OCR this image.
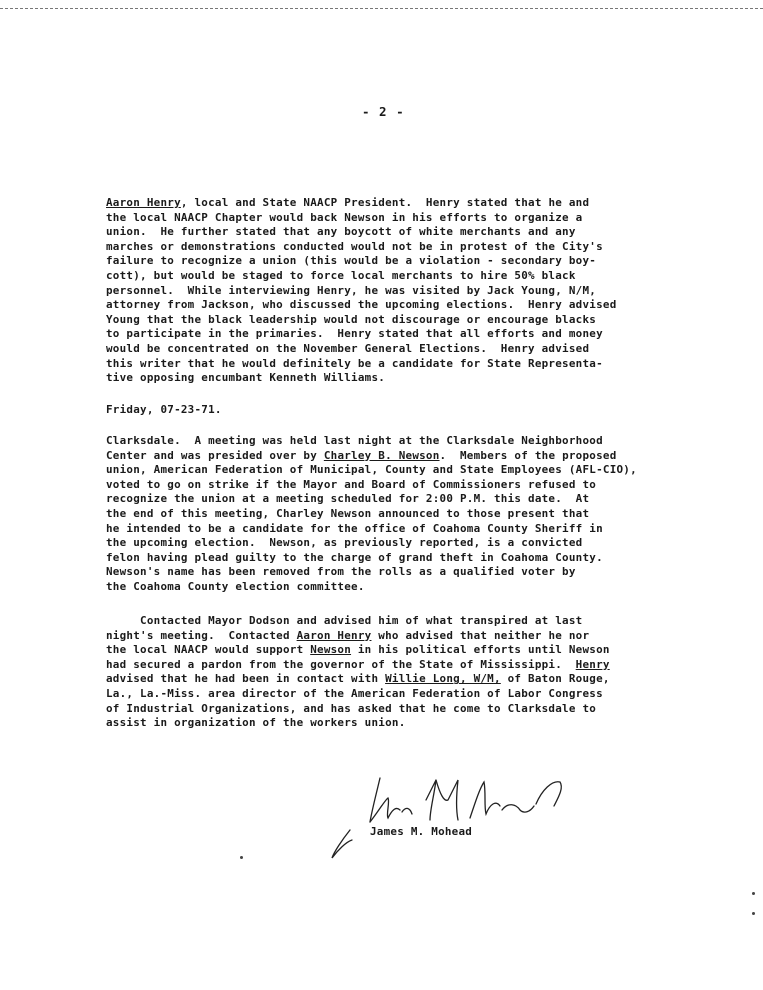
- 2 -

Aaron Henry, local and State NAACP President.  Henry stated that he and

the local NAACP Chapter would back Newson in his efforts to organize a

union.  He further stated that any boycott of white merchants and any

marches or demonstrations conducted would not be in protest of the City's

failure to recognize a union (this would be a violation - secondary boy-

cott), but would be staged to force local merchants to hire 50% black

personnel.  While interviewing Henry, he was visited by Jack Young, N/M,

attorney from Jackson, who discussed the upcoming elections.  Henry advised

Young that the black leadership would not discourage or encourage blacks

to participate in the primaries.  Henry stated that all efforts and money

would be concentrated on the November General Elections.  Henry advised

this writer that he would definitely be a candidate for State Representa-

tive opposing encumbant Kenneth Williams.

Friday, 07-23-71.

Clarksdale.  A meeting was held last night at the Clarksdale Neighborhood

Center and was presided over by Charley B. Newson.  Members of the proposed

union, American Federation of Municipal, County and State Employees (AFL-CIO),

voted to go on strike if the Mayor and Board of Commissioners refused to

recognize the union at a meeting scheduled for 2:00 P.M. this date.  At

the end of this meeting, Charley Newson announced to those present that

he intended to be a candidate for the office of Coahoma County Sheriff in

the upcoming election.  Newson, as previously reported, is a convicted

felon having plead guilty to the charge of grand theft in Coahoma County.

Newson's name has been removed from the rolls as a qualified voter by

the Coahoma County election committee.

Contacted Mayor Dodson and advised him of what transpired at last

night's meeting.  Contacted Aaron Henry who advised that neither he nor

the local NAACP would support Newson in his political efforts until Newson

had secured a pardon from the governor of the State of Mississippi.  Henry

advised that he had been in contact with Willie Long, W/M, of Baton Rouge,

La., La.-Miss. area director of the American Federation of Labor Congress

of Industrial Organizations, and has asked that he come to Clarksdale to

assist in organization of the workers union.

James M. Mohead
